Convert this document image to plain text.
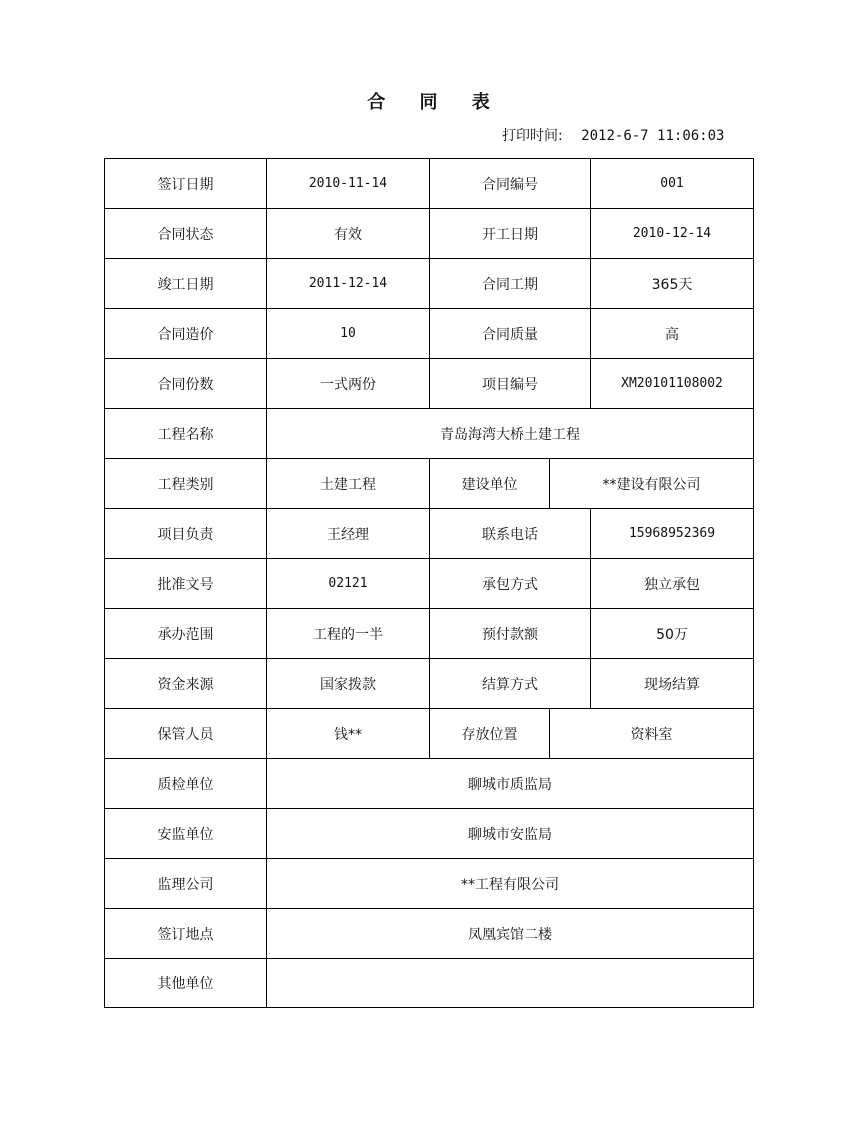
合 同 表
打印时间: 2012-6-7 11:06:03
签订日期	2010-11-14	合同编号	001
合同状态	有效	开工日期	2010-12-14
竣工日期	2011-12-14	合同工期	365天
合同造价	10	合同质量	高
合同份数	一式两份	项目编号	XM20101108002
工程名称	青岛海湾大桥土建工程
工程类别	土建工程	建设单位	**建设有限公司
项目负责	王经理	联系电话	15968952369
批准文号	02121	承包方式	独立承包
承办范围	工程的一半	预付款额	50万
资金来源	国家拨款	结算方式	现场结算
保管人员	钱**	存放位置	资料室
质检单位	聊城市质监局
安监单位	聊城市安监局
监理公司	**工程有限公司
签订地点	凤凰宾馆二楼
其他单位
